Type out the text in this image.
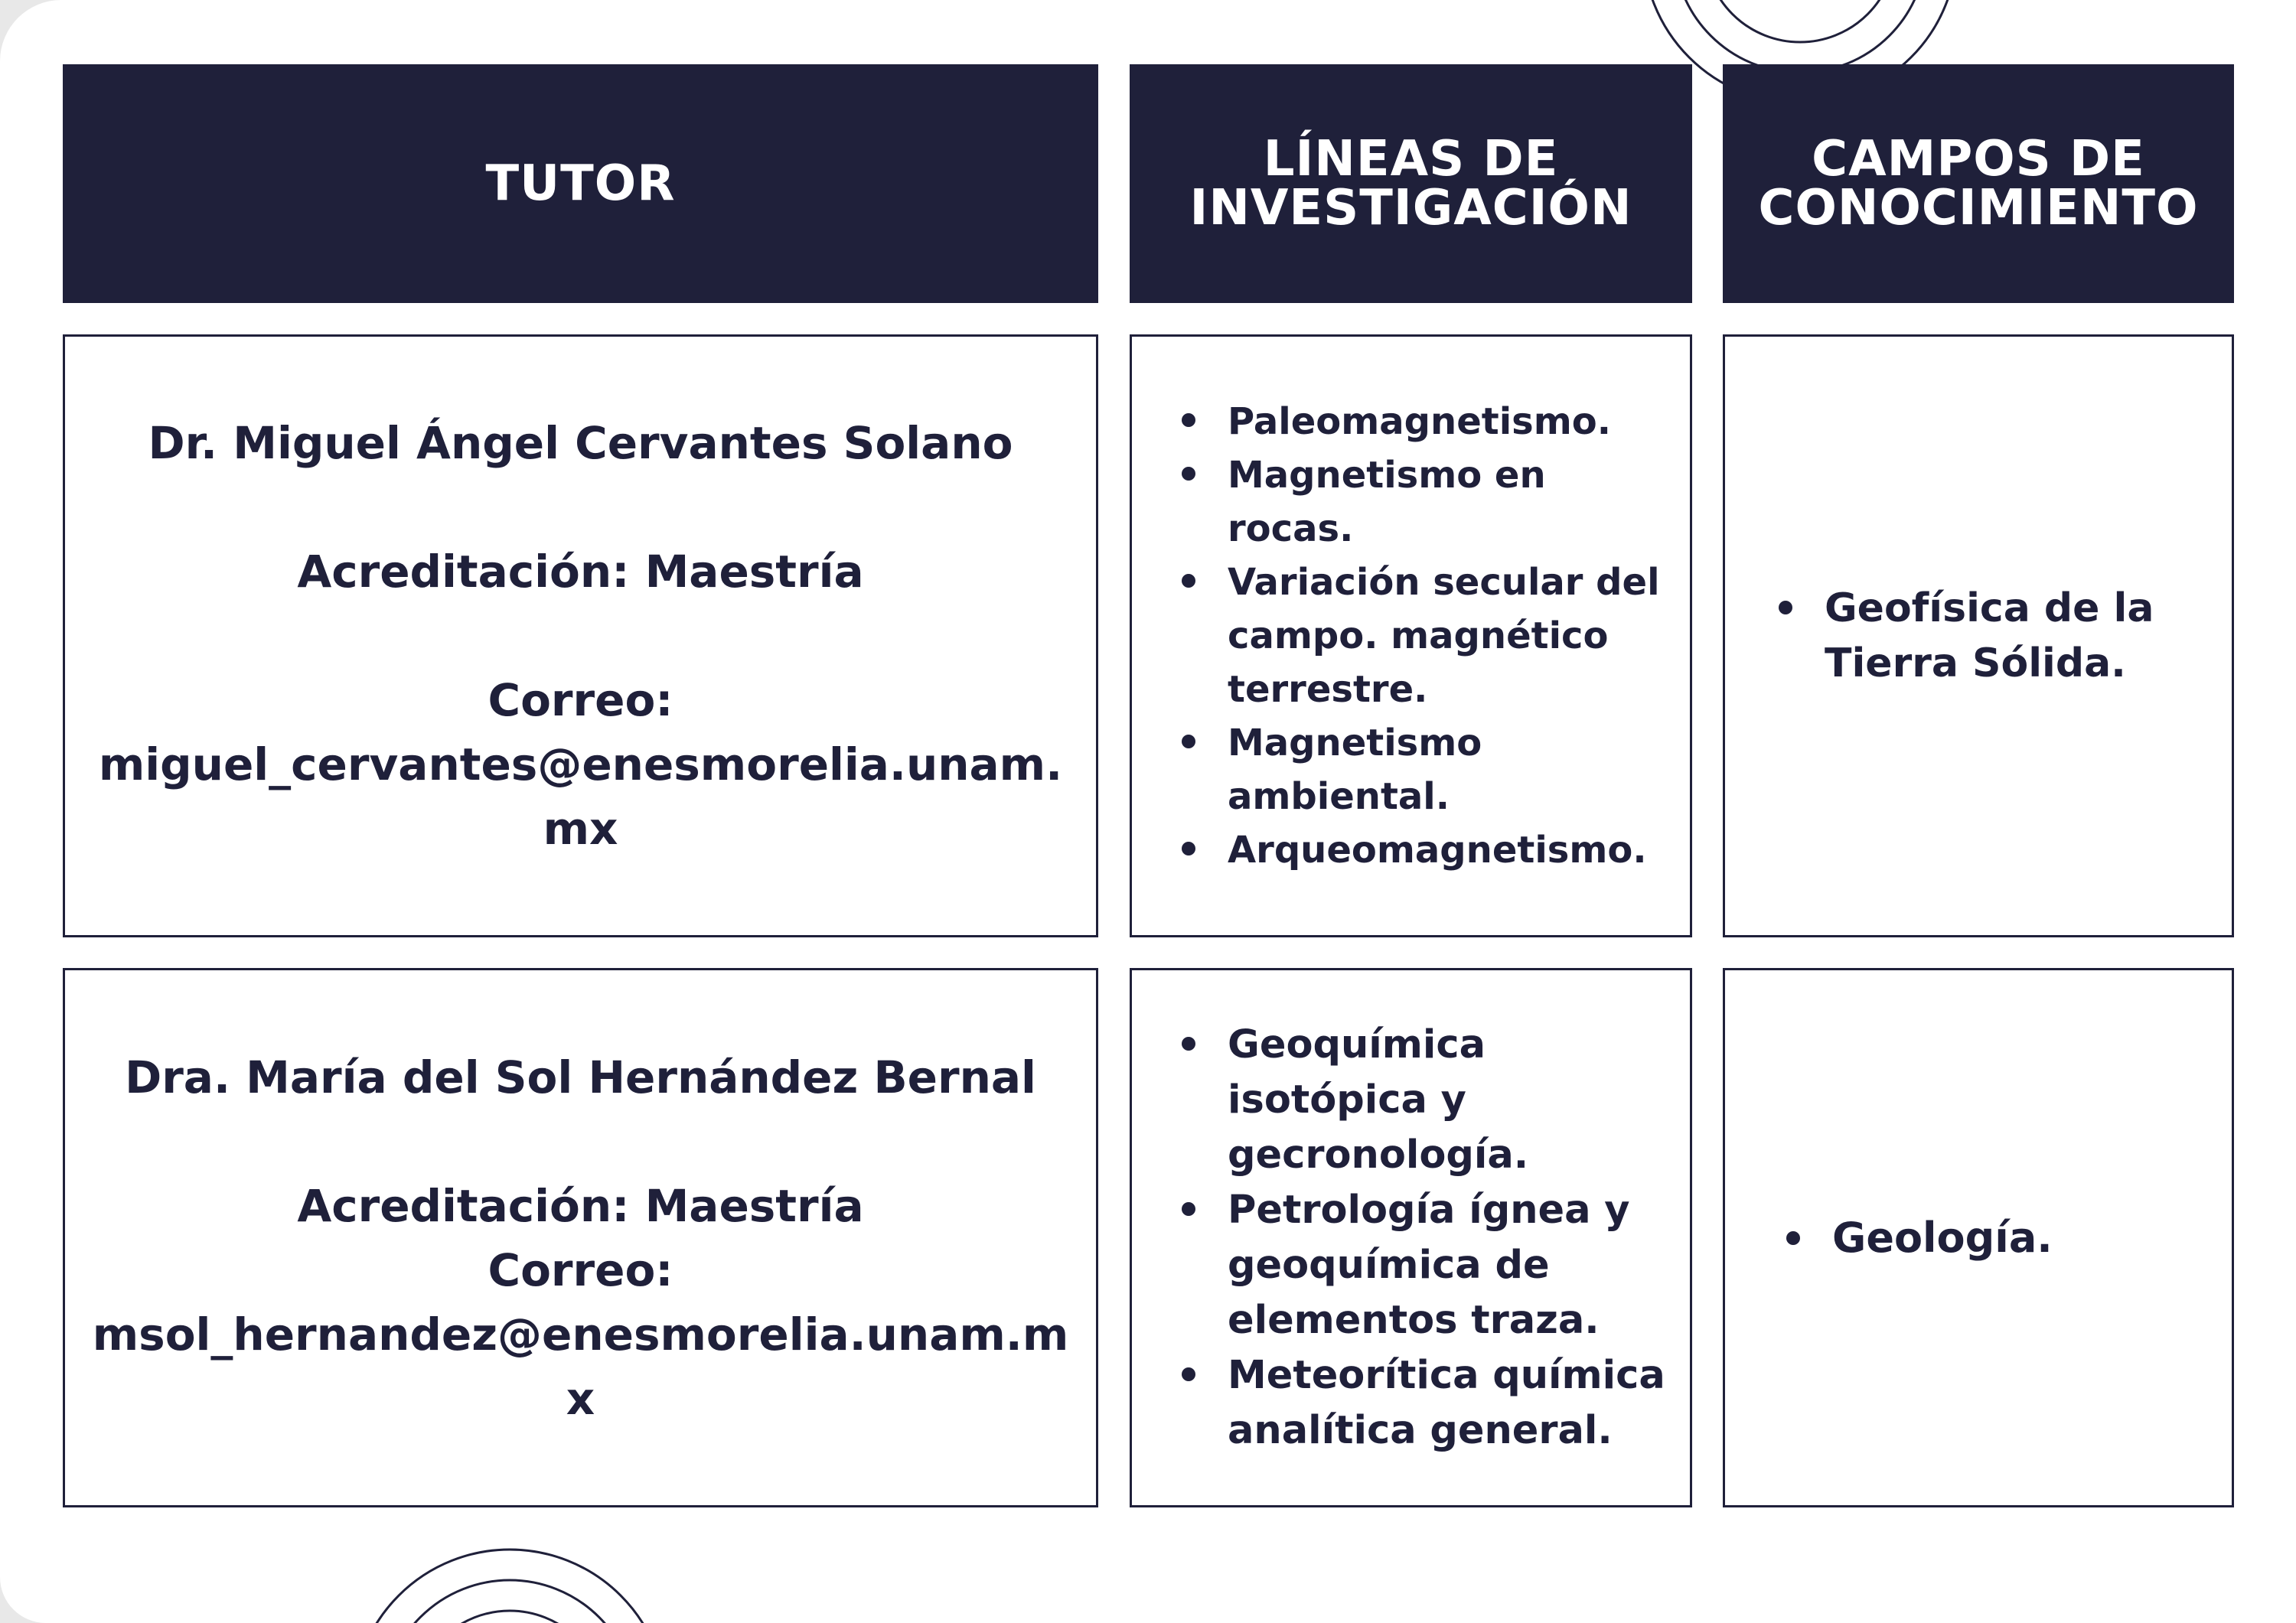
TUTOR	LÍNEAS DE INVESTIGACIÓN
CAMPOS DE CONOCIMIENTO
Dr. Miguel Ángel Cervantes Solano
Acreditación: Maestría
Correo:
miguel_cervantes@enesmorelia.unam.mx
Paleomagnetismo.
Magnetismo en rocas.
Variación secular del campo. magnético terrestre.
Magnetismo ambiental.
Arqueomagnetismo.
Geofísica de la Tierra Sólida.
Dra. María del Sol Hernández Bernal
Acreditación: Maestría
Correo:
msol_hernandez@enesmorelia.unam.mx
Geoquímica isotópica y gecronología.
Petrología ígnea y geoquímica de elementos traza.
Meteorítica química analítica general.
Geología.
